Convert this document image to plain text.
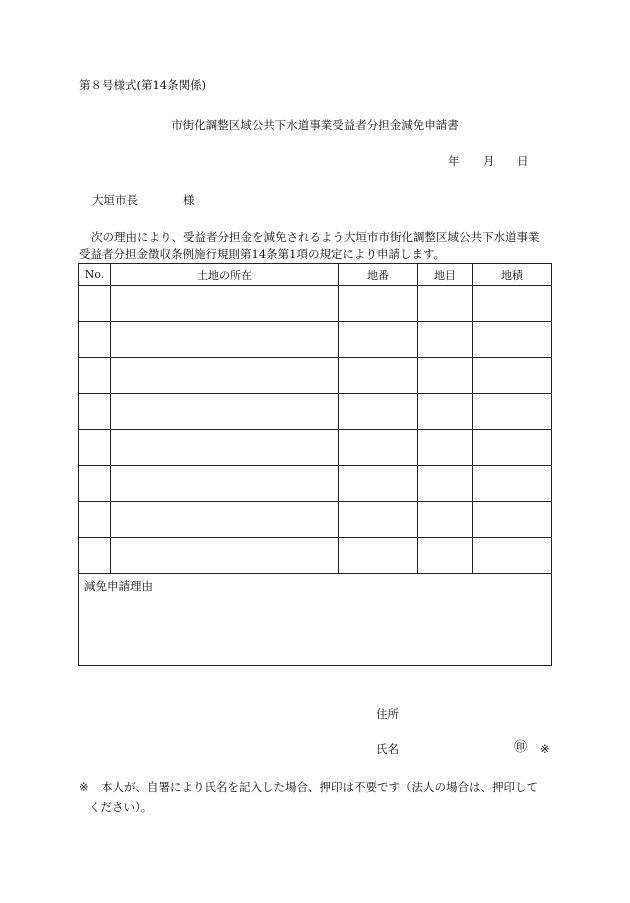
第８号様式(第14条関係)
市街化調整区域公共下水道事業受益者分担金減免申請書
年 月 日
大垣市長	様
次の理由により、受益者分担金を減免されるよう大垣市市街化調整区域公共下水道事業
受益者分担金徴収条例施行規則第14条第1項の規定により申請します。
No.	土地の所在	地番	地目	地積

減免申請理由
住所
氏名	㊞ ※
※ 本人が、自署により氏名を記入した場合、押印は不要です（法人の場合は、押印して
ください）。
